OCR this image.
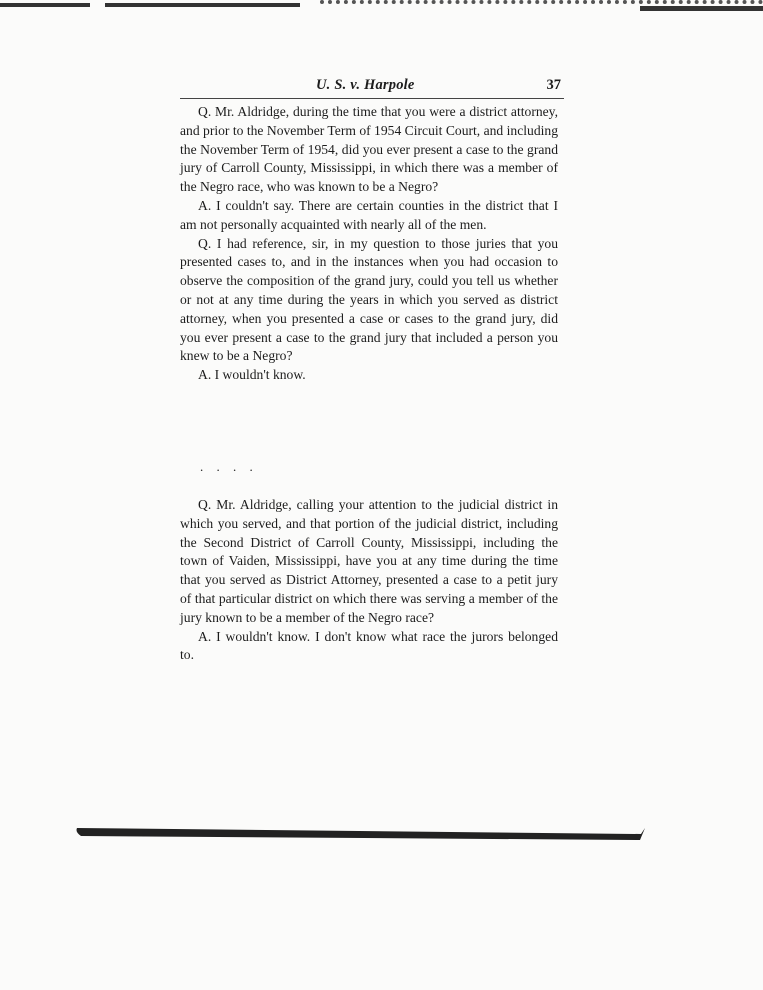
U. S. v. Harpole	37

Q. Mr. Aldridge, during the time that you were a district attorney, and prior to the November Term of 1954 Circuit Court, and including the November Term of 1954, did you ever present a case to the grand jury of Carroll County, Mississippi, in which there was a member of the Negro race, who was known to be a Negro?

A. I couldn't say. There are certain counties in the district that I am not personally acquainted with nearly all of the men.

Q. I had reference, sir, in my question to those juries that you presented cases to, and in the instances when you had occasion to observe the composition of the grand jury, could you tell us whether or not at any time during the years in which you served as district attorney, when you presented a case or cases to the grand jury, did you ever present a case to the grand jury that included a person you knew to be a Negro?

A. I wouldn't know.

. . . .

Q. Mr. Aldridge, calling your attention to the judicial district in which you served, and that portion of the judicial district, including the Second District of Carroll County, Mississippi, including the town of Vaiden, Mississippi, have you at any time during the time that you served as District Attorney, presented a case to a petit jury of that particular district on which there was serving a member of the jury known to be a member of the Negro race?

A. I wouldn't know. I don't know what race the jurors belonged to.
